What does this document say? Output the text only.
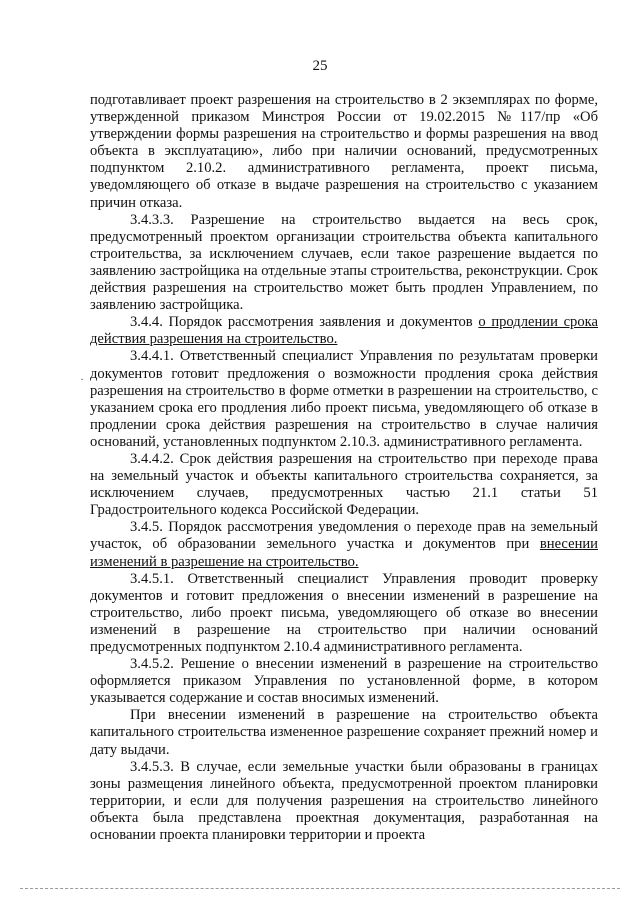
25
·

подготавливает проект разрешения на строительство в 2 экземплярах по форме, утвержденной приказом Минстроя России от 19.02.2015 №117/пр «Об утверждении формы разрешения на строительство и формы разрешения на ввод объекта в эксплуатацию», либо при наличии оснований, предусмотренных подпунктом 2.10.2. административного регламента, проект письма, уведомляющего об отказе в выдаче разрешения на строительство с указанием причин отказа.

3.4.3.3. Разрешение на строительство выдается на весь срок, предусмотренный проектом организации строительства объекта капитального строительства, за исключением случаев, если такое разрешение выдается по заявлению застройщика на отдельные этапы строительства, реконструкции. Срок действия разрешения на строительство может быть продлен Управлением, по заявлению застройщика.

3.4.4. Порядок рассмотрения заявления и документов о продлении срока действия разрешения на строительство.

3.4.4.1. Ответственный специалист Управления по результатам проверки документов готовит предложения о возможности продления срока действия разрешения на строительство в форме отметки в разрешении на строительство, с указанием срока его продления либо проект письма, уведомляющего об отказе в продлении срока действия разрешения на строительство в случае наличия оснований, установленных подпунктом 2.10.3. административного регламента.

3.4.4.2. Срок действия разрешения на строительство при переходе права на земельный участок и объекты капитального строительства сохраняется, за исключением случаев, предусмотренных частью 21.1 статьи 51 Градостроительного кодекса Российской Федерации.

3.4.5. Порядок рассмотрения уведомления о переходе прав на земельный участок, об образовании земельного участка и документов при внесении изменений в разрешение на строительство.

3.4.5.1. Ответственный специалист Управления проводит проверку документов и готовит предложения о внесении изменений в разрешение на строительство, либо проект письма, уведомляющего об отказе во внесении изменений в разрешение на строительство при наличии оснований предусмотренных подпунктом 2.10.4 административного регламента.

3.4.5.2. Решение о внесении изменений в разрешение на строительство оформляется приказом Управления по установленной форме, в котором указывается содержание и состав вносимых изменений.

При внесении изменений в разрешение на строительство объекта капитального строительства измененное разрешение сохраняет прежний номер и дату выдачи.

3.4.5.3. В случае, если земельные участки были образованы в границах зоны размещения линейного объекта, предусмотренной проектом планировки территории, и если для получения разрешения на строительство линейного объекта была представлена проектная документация, разработанная на основании проекта планировки территории и проекта
